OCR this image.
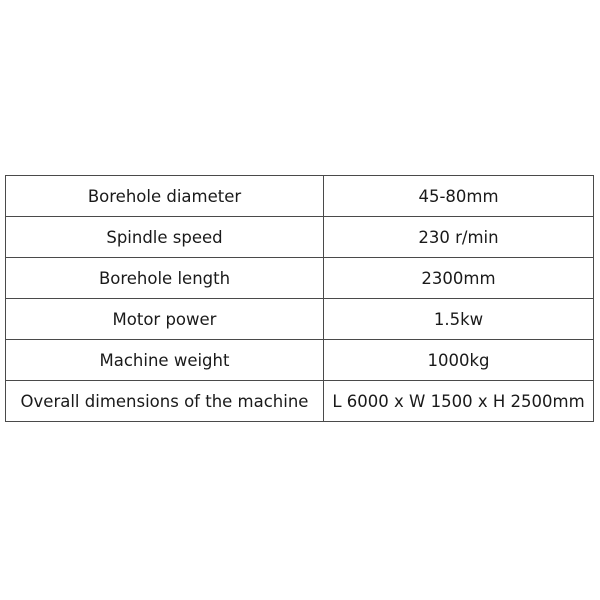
Borehole diameter	45-80mm
Spindle speed	230 r/min
Borehole length	2300mm
Motor power	1.5kw
Machine weight	1000kg
Overall dimensions of the machine	L 6000 x W 1500 x H 2500mm
